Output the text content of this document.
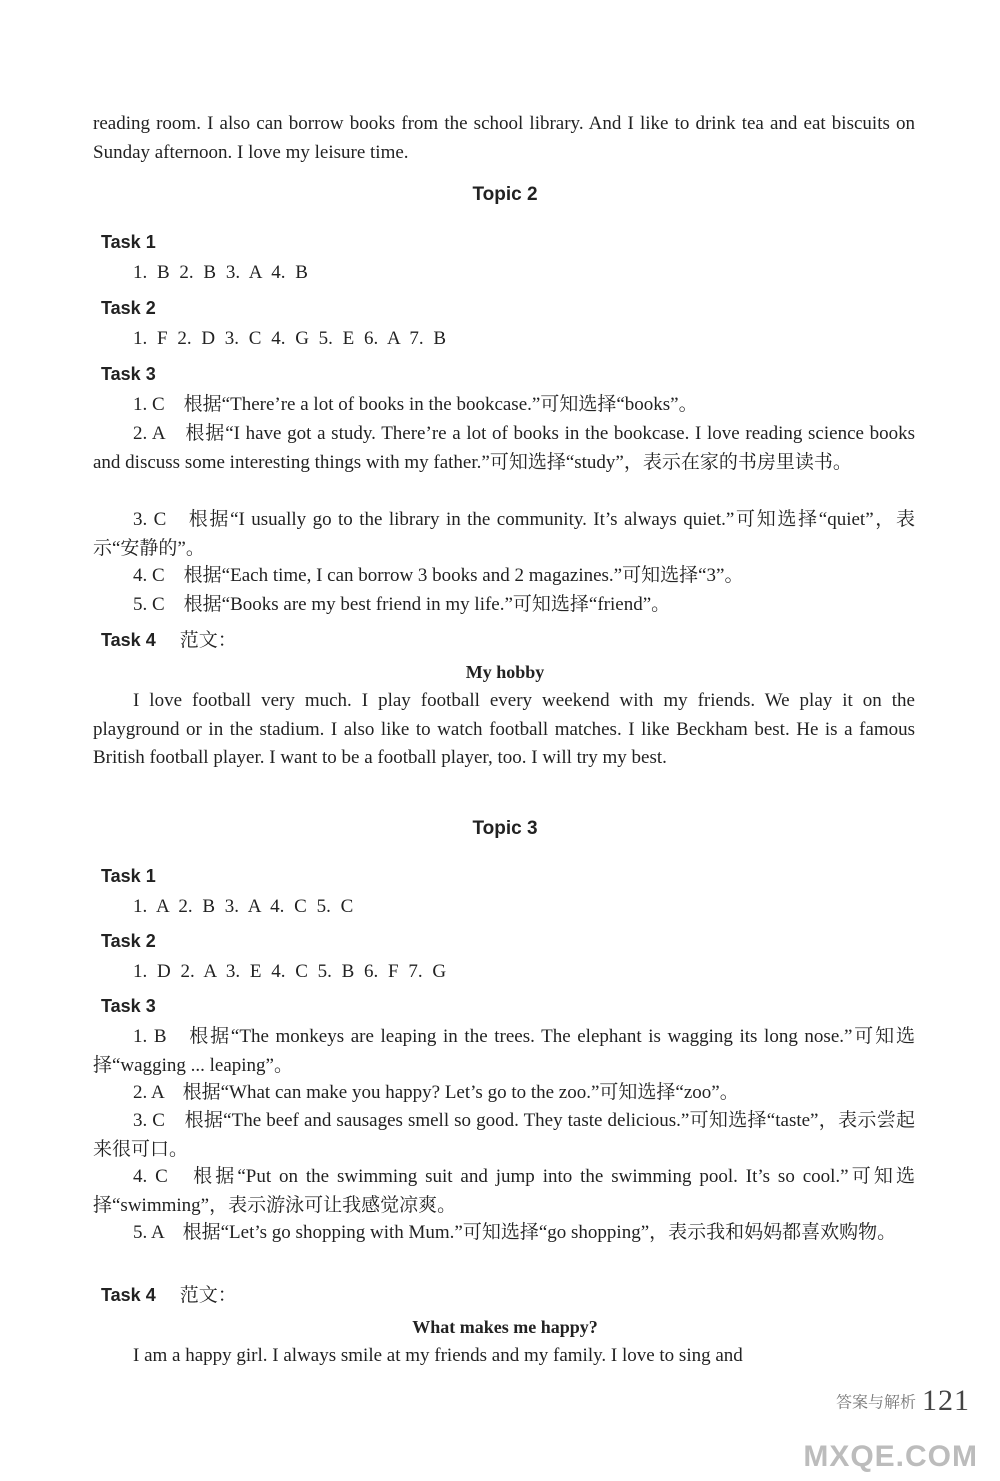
reading room. I also can borrow books from the school library. And I like to drink tea and eat biscuits on Sunday afternoon. I love my leisure time.

Topic 2

Task 1

1. B 2. B 3. A 4. B

Task 2

1. F 2. D 3. C 4. G 5. E 6. A 7. B

Task 3

1. C　根据“There’re a lot of books in the bookcase.”可知选择“books”。

2. A　根据“I have got a study. There’re a lot of books in the bookcase. I love reading science books and discuss some interesting things with my father.”可知选择“study”，表示在家的书房里读书。

3. C　根据“I usually go to the library in the community. It’s always quiet.”可知选择“quiet”，表示“安静的”。

4. C　根据“Each time, I can borrow 3 books and 2 magazines.”可知选择“3”。

5. C　根据“Books are my best friend in my life.”可知选择“friend”。

Task 4 范文：

My hobby

I love football very much. I play football every weekend with my friends. We play it on the playground or in the stadium. I also like to watch football matches. I like Beckham best. He is a famous British football player. I want to be a football player, too. I will try my best.

Topic 3

Task 1

1. A 2. B 3. A 4. C 5. C

Task 2

1. D 2. A 3. E 4. C 5. B 6. F 7. G

Task 3

1. B　根据“The monkeys are leaping in the trees. The elephant is wagging its long nose.”可知选择“wagging ... leaping”。

2. A　根据“What can make you happy? Let’s go to the zoo.”可知选择“zoo”。

3. C　根据“The beef and sausages smell so good. They taste delicious.”可知选择“taste”，表示尝起来很可口。

4. C　根据“Put on the swimming suit and jump into the swimming pool. It’s so cool.”可知选择“swimming”，表示游泳可让我感觉凉爽。

5. A　根据“Let’s go shopping with Mum.”可知选择“go shopping”，表示我和妈妈都喜欢购物。

Task 4 范文：

What makes me happy?

I am a happy girl. I always smile at my friends and my family. I love to sing and

答案与解析 121

MXQE.COM
